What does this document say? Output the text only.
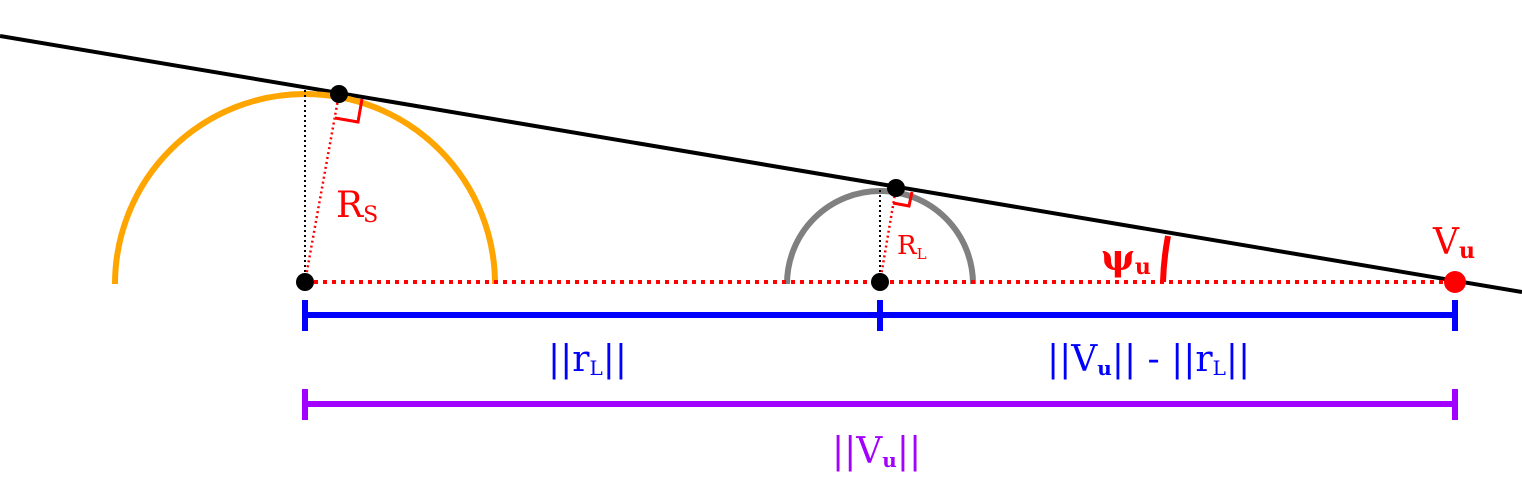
RS
RL	ψu
Vu
||rL||	||Vu|| - ||rL||
||Vu||
